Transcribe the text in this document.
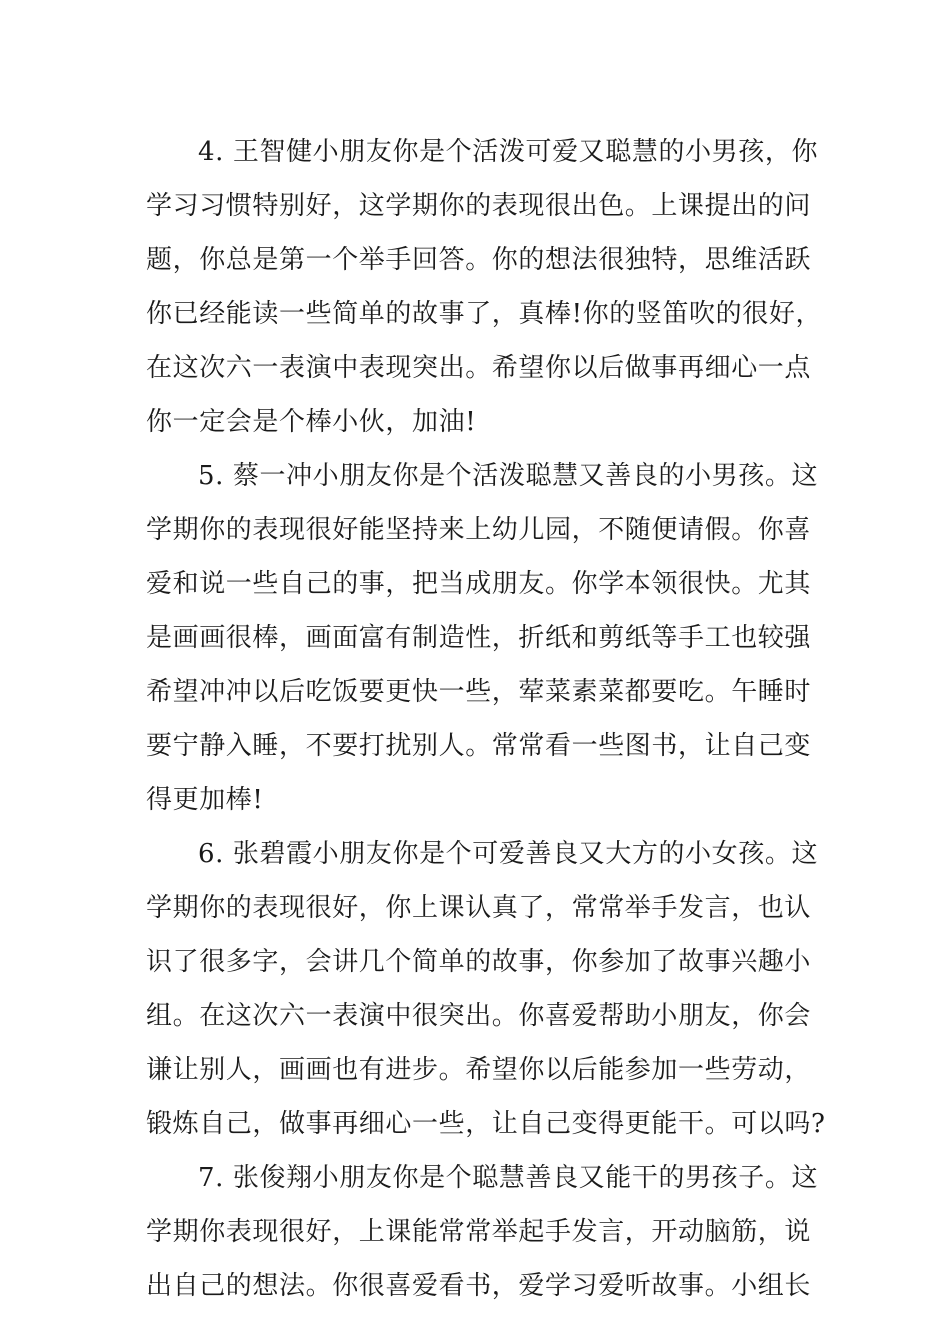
4. 王智健小朋友你是个活泼可爱又聪慧的小男孩，你
学习习惯特别好，这学期你的表现很出色。上课提出的问
题，你总是第一个举手回答。你的想法很独特，思维活跃
你已经能读一些简单的故事了，真棒!你的竖笛吹的很好，
在这次六一表演中表现突出。希望你以后做事再细心一点
你一定会是个棒小伙，加油!
5. 蔡一冲小朋友你是个活泼聪慧又善良的小男孩。这
学期你的表现很好能坚持来上幼儿园，不随便请假。你喜
爱和说一些自己的事，把当成朋友。你学本领很快。尤其
是画画很棒，画面富有制造性，折纸和剪纸等手工也较强
希望冲冲以后吃饭要更快一些，荤菜素菜都要吃。午睡时
要宁静入睡，不要打扰别人。常常看一些图书，让自己变
得更加棒!
6. 张碧霞小朋友你是个可爱善良又大方的小女孩。这
学期你的表现很好，你上课认真了，常常举手发言，也认
识了很多字，会讲几个简单的故事，你参加了故事兴趣小
组。在这次六一表演中很突出。你喜爱帮助小朋友，你会
谦让别人，画画也有进步。希望你以后能参加一些劳动，
锻炼自己，做事再细心一些，让自己变得更能干。可以吗?
7. 张俊翔小朋友你是个聪慧善良又能干的男孩子。这
学期你表现很好，上课能常常举起手发言，开动脑筋，说
出自己的想法。你很喜爱看书，爱学习爱听故事。小组长
